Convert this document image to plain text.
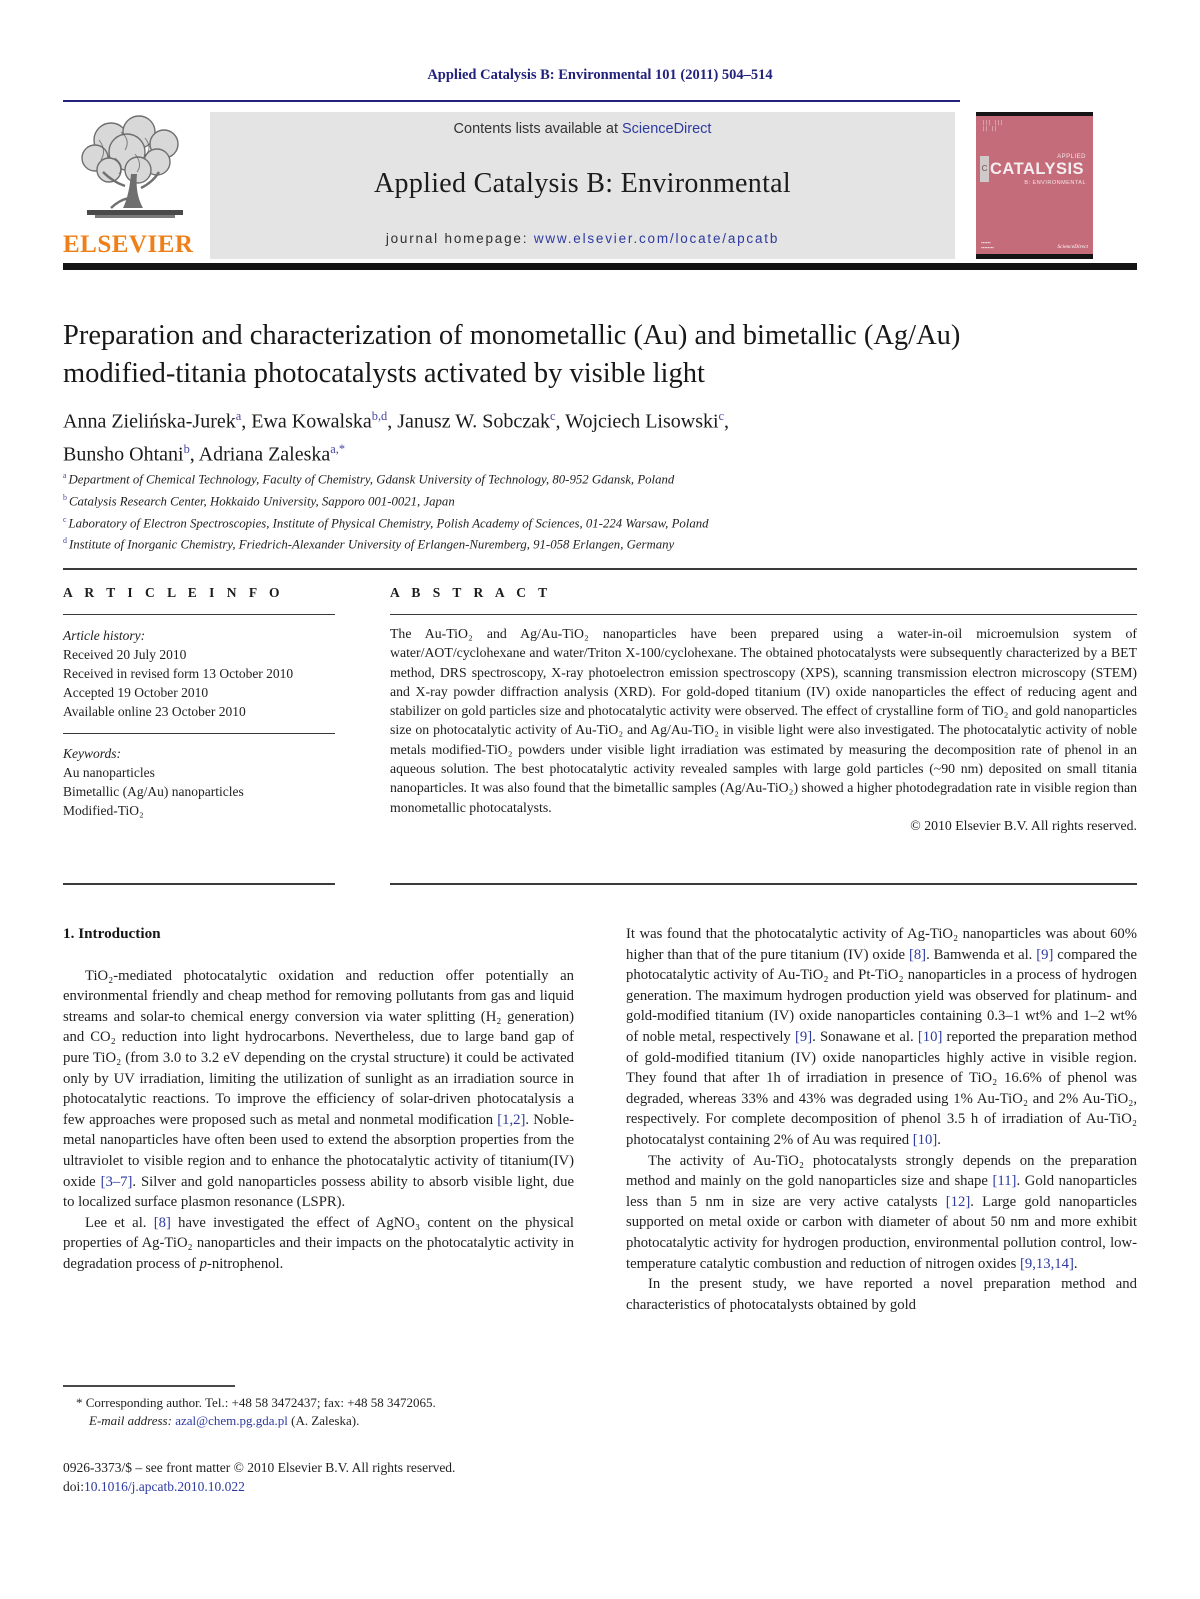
Applied Catalysis B: Environmental 101 (2011) 504–514
ELSEVIER
Contents lists available at ScienceDirect
Applied Catalysis B: Environmental
journal homepage: www.elsevier.com/locate/apcatb
||| |||
|| ||
APPLIED
C CATALYSIS
B: ENVIRONMENTAL
▪▪▪▪▪▪
▪▪▪▪▪▪▪▪	ScienceDirect
Preparation and characterization of monometallic (Au) and bimetallic (Ag/Au)
modified-titania photocatalysts activated by visible light
Anna Zielińska-Jurek$^a$, Ewa Kowalska$^{b,d}$, Janusz W. Sobczak$^c$, Wojciech Lisowski$^c$,
Bunsho Ohtani$^b$, Adriana Zaleska$^{a,*}$
$^a$ Department of Chemical Technology, Faculty of Chemistry, Gdansk University of Technology, 80-952 Gdansk, Poland
$^b$ Catalysis Research Center, Hokkaido University, Sapporo 001-0021, Japan
$^c$ Laboratory of Electron Spectroscopies, Institute of Physical Chemistry, Polish Academy of Sciences, 01-224 Warsaw, Poland
$^d$ Institute of Inorganic Chemistry, Friedrich-Alexander University of Erlangen-Nuremberg, 91-058 Erlangen, Germany
A R T I C L E I N F O
Article history:
Received 20 July 2010
Received in revised form 13 October 2010
Accepted 19 October 2010
Available online 23 October 2010
Keywords:
Au nanoparticles
Bimetallic (Ag/Au) nanoparticles
Modified-TiO₂
A B S T R A C T

The Au-TiO₂ and Ag/Au-TiO₂ nanoparticles have been prepared using a water-in-oil microemulsion system of water/AOT/cyclohexane and water/Triton X-100/cyclohexane. The obtained photocatalysts were subsequently characterized by a BET method, DRS spectroscopy, X-ray photoelectron emission spectroscopy (XPS), scanning transmission electron microscopy (STEM) and X-ray powder diffraction analysis (XRD). For gold-doped titanium (IV) oxide nanoparticles the effect of reducing agent and stabilizer on gold particles size and photocatalytic activity were observed. The effect of crystalline form of TiO₂ and gold nanoparticles size on photocatalytic activity of Au-TiO₂ and Ag/Au-TiO₂ in visible light were also investigated. The photocatalytic activity of noble metals modified-TiO₂ powders under visible light irradiation was estimated by measuring the decomposition rate of phenol in an aqueous solution. The best photocatalytic activity revealed samples with large gold particles (~90 nm) deposited on small titania nanoparticles. It was also found that the bimetallic samples (Ag/Au-TiO₂) showed a higher photodegradation rate in visible region than monometallic photocatalysts.

© 2010 Elsevier B.V. All rights reserved.
1. Introduction

TiO₂-mediated photocatalytic oxidation and reduction offer potentially an environmental friendly and cheap method for removing pollutants from gas and liquid streams and solar-to chemical energy conversion via water splitting (H₂ generation) and CO₂ reduction into light hydrocarbons. Nevertheless, due to large band gap of pure TiO₂ (from 3.0 to 3.2 eV depending on the crystal structure) it could be activated only by UV irradiation, limiting the utilization of sunlight as an irradiation source in photocatalytic reactions. To improve the efficiency of solar-driven photocatalysis a few approaches were proposed such as metal and nonmetal modification [1,2]. Noble-metal nanoparticles have often been used to extend the absorption properties from the ultraviolet to visible region and to enhance the photocatalytic activity of titanium(IV) oxide [3–7]. Silver and gold nanoparticles possess ability to absorb visible light, due to localized surface plasmon resonance (LSPR).

Lee et al. [8] have investigated the effect of AgNO₃ content on the physical properties of Ag-TiO₂ nanoparticles and their impacts on the photocatalytic activity in degradation process of p-nitrophenol.

It was found that the photocatalytic activity of Ag-TiO₂ nanoparticles was about 60% higher than that of the pure titanium (IV) oxide [8]. Bamwenda et al. [9] compared the photocatalytic activity of Au-TiO₂ and Pt-TiO₂ nanoparticles in a process of hydrogen generation. The maximum hydrogen production yield was observed for platinum- and gold-modified titanium (IV) oxide nanoparticles containing 0.3–1 wt% and 1–2 wt% of noble metal, respectively [9]. Sonawane et al. [10] reported the preparation method of gold-modified titanium (IV) oxide nanoparticles highly active in visible region. They found that after 1h of irradiation in presence of TiO₂ 16.6% of phenol was degraded, whereas 33% and 43% was degraded using 1% Au-TiO₂ and 2% Au-TiO₂, respectively. For complete decomposition of phenol 3.5 h of irradiation of Au-TiO₂ photocatalyst containing 2% of Au was required [10].

The activity of Au-TiO₂ photocatalysts strongly depends on the preparation method and mainly on the gold nanoparticles size and shape [11]. Gold nanoparticles less than 5 nm in size are very active catalysts [12]. Large gold nanoparticles supported on metal oxide or carbon with diameter of about 50 nm and more exhibit photocatalytic activity for hydrogen production, environmental pollution control, low-temperature catalytic combustion and reduction of nitrogen oxides [9,13,14].

In the present study, we have reported a novel preparation method and characteristics of photocatalysts obtained by gold

* Corresponding author. Tel.: +48 58 3472437; fax: +48 58 3472065.
E-mail address: azal@chem.pg.gda.pl (A. Zaleska).
0926-3373/$ – see front matter © 2010 Elsevier B.V. All rights reserved.
doi:10.1016/j.apcatb.2010.10.022
